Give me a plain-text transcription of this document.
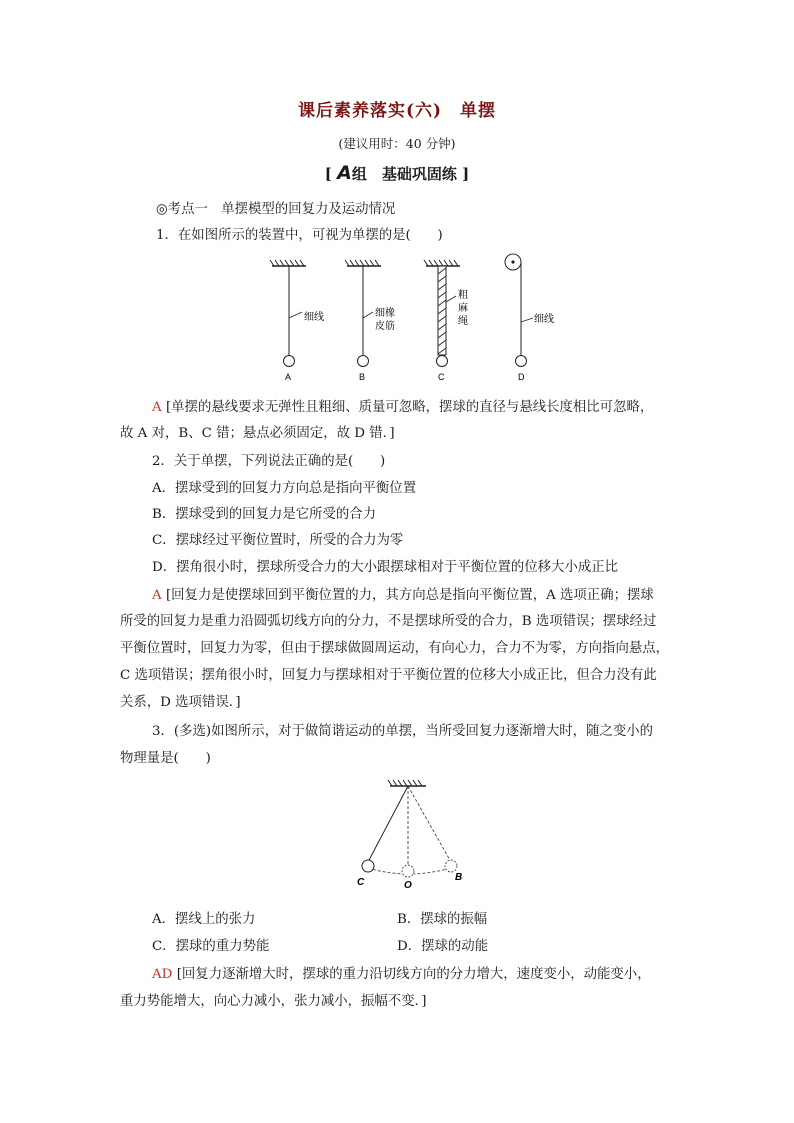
课后素养落实(六)　单摆
(建议用时：40 分钟)
[ A组　基础巩固练 ]
◎考点一　单摆模型的回复力及运动情况
1．在如图所示的装置中，可视为单摆的是(　　)
细线
A
细橡
皮筋
B
粗
麻
绳
C
细线
D
A [单摆的悬线要求无弹性且粗细、质量可忽略，摆球的直径与悬线长度相比可忽略，
故 A 对，B、C 错；悬点必须固定，故 D 错．]
2．关于单摆，下列说法正确的是(　　)
A．摆球受到的回复力方向总是指向平衡位置
B．摆球受到的回复力是它所受的合力
C．摆球经过平衡位置时，所受的合力为零
D．摆角很小时，摆球所受合力的大小跟摆球相对于平衡位置的位移大小成正比
A [回复力是使摆球回到平衡位置的力，其方向总是指向平衡位置，A 选项正确；摆球
所受的回复力是重力沿圆弧切线方向的分力，不是摆球所受的合力，B 选项错误；摆球经过
平衡位置时，回复力为零，但由于摆球做圆周运动，有向心力，合力不为零，方向指向悬点，
C 选项错误；摆角很小时，回复力与摆球相对于平衡位置的位移大小成正比，但合力没有此
关系，D 选项错误．]
3．(多选)如图所示，对于做简谐运动的单摆，当所受回复力逐渐增大时，随之变小的
物理量是(　　)
C	O
B
A．摆线上的张力	B．摆球的振幅
C．摆球的重力势能	D．摆球的动能
AD [回复力逐渐增大时，摆球的重力沿切线方向的分力增大，速度变小，动能变小，
重力势能增大，向心力减小，张力减小，振幅不变．]
